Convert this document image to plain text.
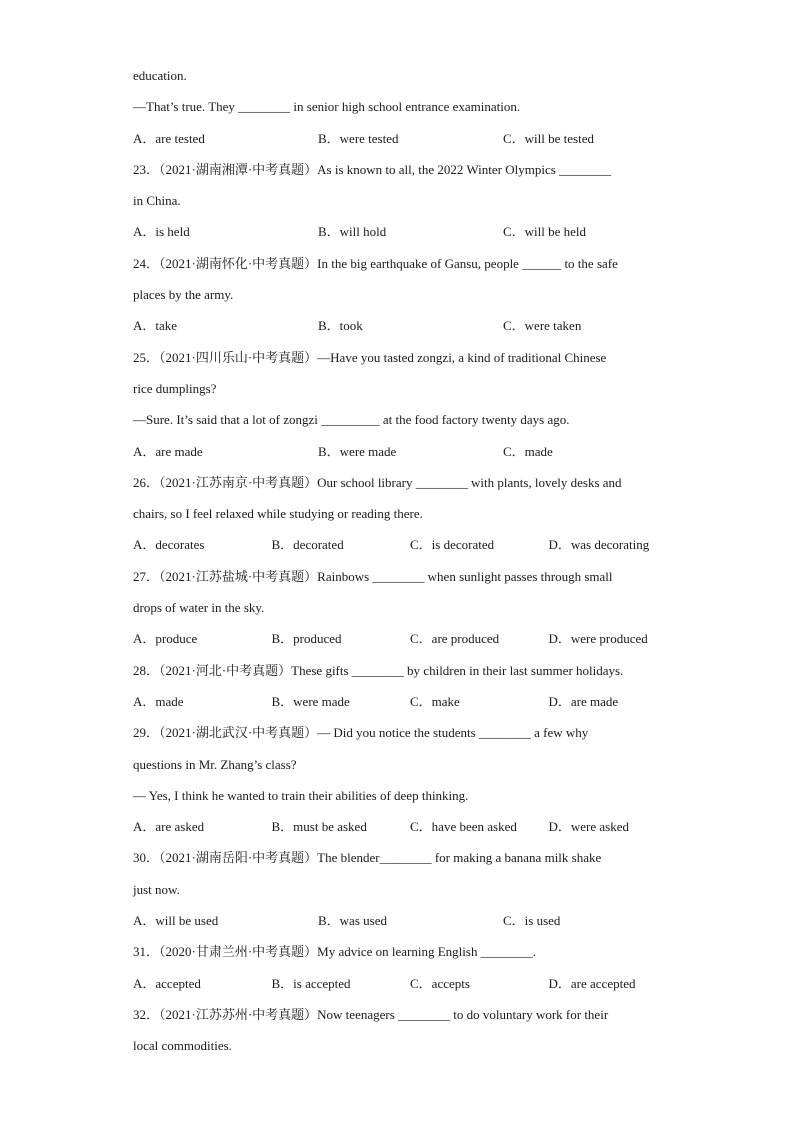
education.
—That’s true. They ________ in senior high school entrance examination.
A．are tested	B．were tested	C．will be tested
23．（2021·湖南湘潭·中考真题）As is known to all, the 2022 Winter Olympics ________
in China.
A．is held	B．will hold	C．will be held
24．（2021·湖南怀化·中考真题）In the big earthquake of Gansu, people ______ to the safe
places by the army.
A．take	B．took	C．were taken
25．（2021·四川乐山·中考真题）—Have you tasted zongzi, a kind of traditional Chinese
rice dumplings?
—Sure. It’s said that a lot of zongzi _________ at the food factory twenty days ago.
A．are made	B．were made	C．made
26．（2021·江苏南京·中考真题）Our school library ________ with plants, lovely desks and
chairs, so I feel relaxed while studying or reading there.
A．decorates	B．decorated	C．is decorated	D．was decorating
27．（2021·江苏盐城·中考真题）Rainbows ________ when sunlight passes through small
drops of water in the sky.
A．produce	B．produced	C．are produced	D．were produced
28．（2021·河北·中考真题）These gifts ________ by children in their last summer holidays.
A．made	B．were made	C．make	D．are made
29．（2021·湖北武汉·中考真题）— Did you notice the students ________ a few why
questions in Mr. Zhang’s class?
— Yes, I think he wanted to train their abilities of deep thinking.
A．are asked	B．must be asked	C．have been asked	D．were asked
30．（2021·湖南岳阳·中考真题）The blender________ for making a banana milk shake
just now.
A．will be used	B．was used	C．is used
31．（2020·甘肃兰州·中考真题）My advice on learning English ________.
A．accepted	B．is accepted	C．accepts	D．are accepted
32．（2021·江苏苏州·中考真题）Now teenagers ________ to do voluntary work for their
local commodities.
